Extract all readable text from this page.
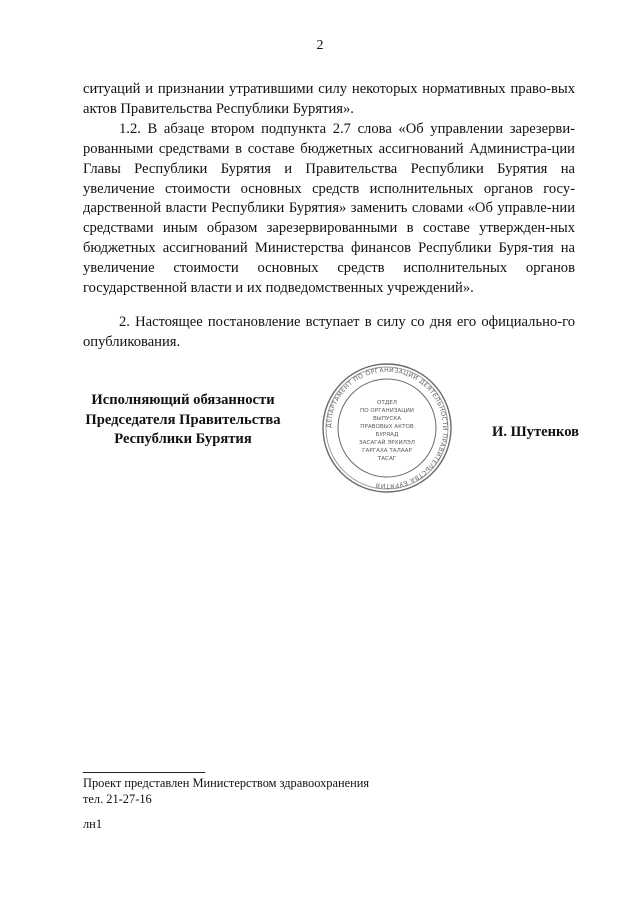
2

ситуаций и признании утратившими силу некоторых нормативных право-вых актов Правительства Республики Бурятия».

1.2. В абзаце втором подпункта 2.7 слова «Об управлении зарезерви-рованными средствами в составе бюджетных ассигнований Администра-ции Главы Республики Бурятия и Правительства Республики Бурятия на увеличение стоимости основных средств исполнительных органов госу-дарственной власти Республики Бурятия» заменить словами «Об управле-нии средствами иным образом зарезервированными в составе утвержден-ных бюджетных ассигнований Министерства финансов Республики Буря-тия на увеличение стоимости основных средств исполнительных органов государственной власти и их подведомственных учреждений».

2. Настоящее постановление вступает в силу со дня его официально-го опубликования.

Исполняющий обязанности
Председателя Правительства
Республики Бурятия
ДЕПАРТАМЕНТ ПО ОРГАНИЗАЦИИ ДЕЯТЕЛЬНОСТИ ПРАВИТЕЛЬСТВА БУРЯТИЯ
ОТДЕЛ
ПО ОРГАНИЗАЦИИ
ВЫПУСКА
ПРАВОВЫХ АКТОВ
БУРЯАД
ЗАСАГАЙ ЭРХИЛЭЛ
ГАРГАХА ТАЛААР
ТАСАГ
И. Шутенков
Проект представлен Министерством здравоохранения
тел. 21-27-16
лн1
